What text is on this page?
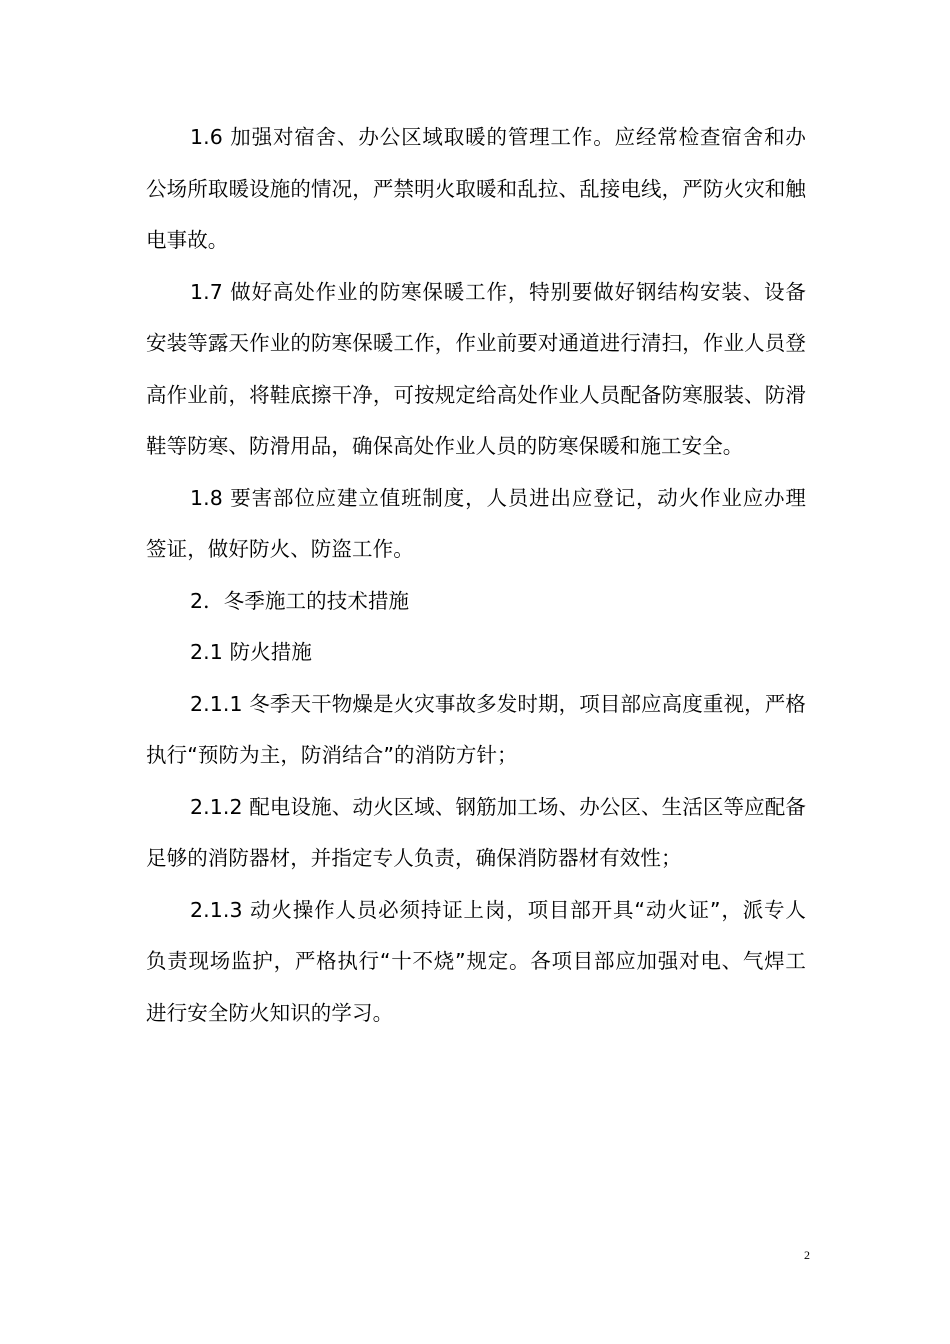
1.6 加强对宿舍、办公区域取暖的管理工作。应经常检查宿舍和办公场所取暖设施的情况，严禁明火取暖和乱拉、乱接电线，严防火灾和触电事故。

1.7 做好高处作业的防寒保暖工作，特别要做好钢结构安装、设备安装等露天作业的防寒保暖工作，作业前要对通道进行清扫，作业人员登高作业前，将鞋底擦干净，可按规定给高处作业人员配备防寒服装、防滑鞋等防寒、防滑用品，确保高处作业人员的防寒保暖和施工安全。

1.8 要害部位应建立值班制度，人员进出应登记，动火作业应办理签证，做好防火、防盗工作。

2．冬季施工的技术措施

2.1 防火措施

2.1.1 冬季天干物燥是火灾事故多发时期，项目部应高度重视，严格执行“预防为主，防消结合”的消防方针；

2.1.2 配电设施、动火区域、钢筋加工场、办公区、生活区等应配备足够的消防器材，并指定专人负责，确保消防器材有效性；

2.1.3 动火操作人员必须持证上岗，项目部开具“动火证”，派专人负责现场监护，严格执行“十不烧”规定。各项目部应加强对电、气焊工进行安全防火知识的学习。

2
